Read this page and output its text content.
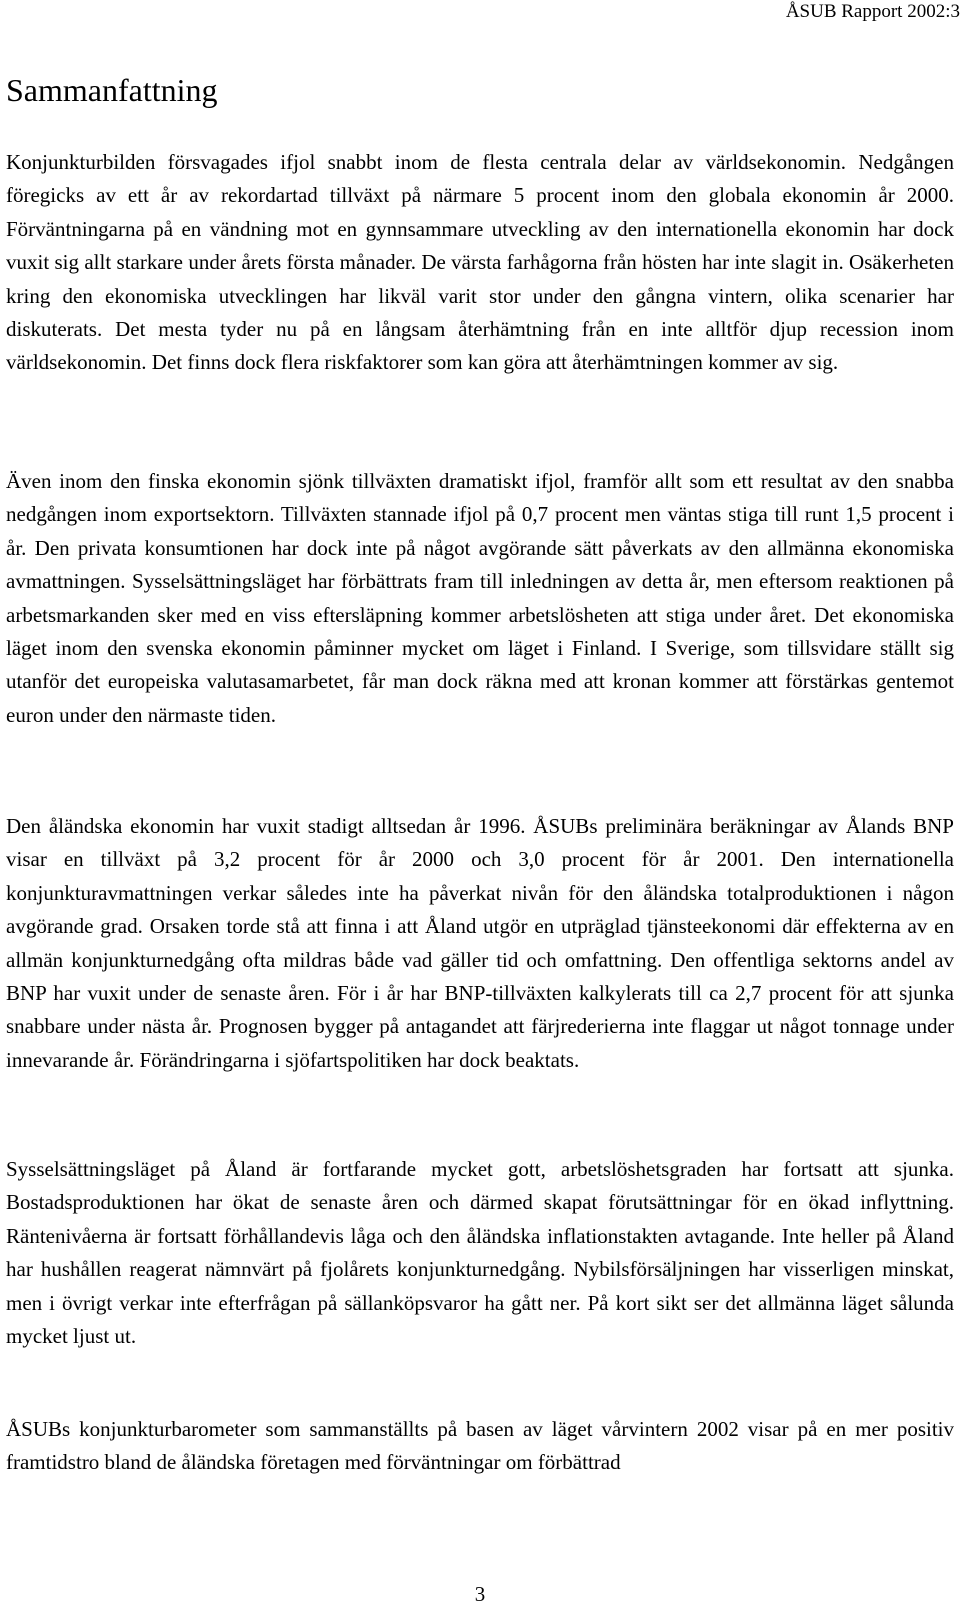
ÅSUB Rapport 2002:3
Sammanfattning

Konjunkturbilden försvagades ifjol snabbt inom de flesta centrala delar av världsekonomin. Nedgången föregicks av ett år av rekordartad tillväxt på närmare 5 procent inom den globala ekonomin år 2000. Förväntningarna på en vändning mot en gynnsammare utveckling av den internationella ekonomin har dock vuxit sig allt starkare under årets första månader. De värsta farhågorna från hösten har inte slagit in. Osäkerheten kring den ekonomiska utvecklingen har likväl varit stor under den gångna vintern, olika scenarier har diskuterats. Det mesta tyder nu på en långsam återhämtning från en inte alltför djup recession inom världsekonomin. Det finns dock flera riskfaktorer som kan göra att återhämtningen kommer av sig.

Även inom den finska ekonomin sjönk tillväxten dramatiskt ifjol, framför allt som ett resultat av den snabba nedgången inom exportsektorn. Tillväxten stannade ifjol på 0,7 procent men väntas stiga till runt 1,5 procent i år. Den privata konsumtionen har dock inte på något avgörande sätt påverkats av den allmänna ekonomiska avmattningen. Sysselsättningsläget har förbättrats fram till inledningen av detta år, men eftersom reaktionen på arbetsmarkanden sker med en viss eftersläpning kommer arbetslösheten att stiga under året. Det ekonomiska läget inom den svenska ekonomin påminner mycket om läget i Finland. I Sverige, som tillsvidare ställt sig utanför det europeiska valutasamarbetet, får man dock räkna med att kronan kommer att förstärkas gentemot euron under den närmaste tiden.

Den åländska ekonomin har vuxit stadigt alltsedan år 1996. ÅSUBs preliminära beräkningar av Ålands BNP visar en tillväxt på 3,2 procent för år 2000 och 3,0 procent för år 2001. Den internationella konjunkturavmattningen verkar således inte ha påverkat nivån för den åländska totalproduktionen i någon avgörande grad. Orsaken torde stå att finna i att Åland utgör en utpräglad tjänsteekonomi där effekterna av en allmän konjunkturnedgång ofta mildras både vad gäller tid och omfattning. Den offentliga sektorns andel av BNP har vuxit under de senaste åren. För i år har BNP-tillväxten kalkylerats till ca 2,7 procent för att sjunka snabbare under nästa år. Prognosen bygger på antagandet att färjrederierna inte flaggar ut något tonnage under innevarande år. Förändringarna i sjöfartspolitiken har dock beaktats.

Sysselsättningsläget på Åland är fortfarande mycket gott, arbetslöshetsgraden har fortsatt att sjunka. Bostadsproduktionen har ökat de senaste åren och därmed skapat förutsättningar för en ökad inflyttning. Räntenivåerna är fortsatt förhållandevis låga och den åländska inflationstakten avtagande. Inte heller på Åland har hushållen reagerat nämnvärt på fjolårets konjunkturnedgång. Nybilsförsäljningen har visserligen minskat, men i övrigt verkar inte efterfrågan på sällanköpsvaror ha gått ner. På kort sikt ser det allmänna läget sålunda mycket ljust ut.

ÅSUBs konjunkturbarometer som sammanställts på basen av läget vårvintern 2002 visar på en mer positiv framtidstro bland de åländska företagen med förväntningar om förbättrad

3
